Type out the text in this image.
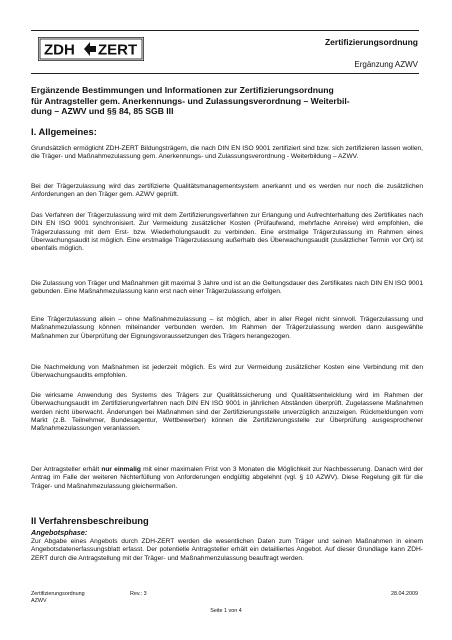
ZDH ZERT	Zertifizierungsordnung
Ergänzung AZWV
Ergänzende Bestimmungen und Informationen zur Zertifizierungsordnung
für Antragsteller gem. Anerkennungs- und Zulassungsverordnung – Weiterbil-
dung – AZWV und §§ 84, 85 SGB III
I. Allgemeines:

Grundsätzlich ermöglicht ZDH-ZERT Bildungsträgern, die nach DIN EN ISO 9001 zertifiziert sind bzw. sich zertifizieren lassen wollen, die Träger- und Maßnahmezulassung gem. Anerkennungs- und Zulassungsverordnung - Weiterbildung – AZWV.

Bei der Trägerzulassung wird das zertifizierte Qualitätsmanagementsystem anerkannt und es werden nur noch die zusätzlichen Anforderungen an den Träger gem. AZWV geprüft.

Das Verfahren der Trägerzulassung wird mit dem Zertifizierungsverfahren zur Erlangung und Aufrechterhaltung des Zertifikates nach DIN EN ISO 9001 synchronisiert. Zur Vermeidung zusätzlicher Kosten (Prüfaufwand, mehrfache Anreise) wird empfohlen, die Trägerzulassung mit dem Erst- bzw. Wiederholungsaudit zu verbinden. Eine erstmalige Trägerzulassung im Rahmen eines Überwachungsaudit ist möglich. Eine erstmalige Trägerzulassung außerhalb des Überwachungsaudit (zusätzlicher Termin vor Ort) ist ebenfalls möglich.

Die Zulassung von Träger und Maßnahmen gilt maximal 3 Jahre und ist an die Geltungsdauer des Zertifikates nach DIN EN ISO 9001 gebunden. Eine Maßnahmezulassung kann erst nach einer Trägerzulassung erfolgen.

Eine Trägerzulassung allein – ohne Maßnahmezulassung – ist möglich, aber in aller Regel nicht sinnvoll. Trägerzulassung und Maßnahmezulassung können miteinander verbunden werden. Im Rahmen der Trägerzulassung werden dann ausgewählte Maßnahmen zur Überprüfung der Eignungsvoraussetzungen des Trägers herangezogen.

Die Nachmeldung von Maßnahmen ist jederzeit möglich. Es wird zur Vermeidung zusätzlicher Kosten eine Verbindung mit den Überwachungsaudits empfohlen.

Die wirksame Anwendung des Systems des Trägers zur Qualitätssicherung und Qualitätsentwicklung wird im Rahmen der Überwachungsaudit im Zertifizierungverfahren nach DIN EN ISO 9001 in jährlichen Abständen überprüft. Zugelassene Maßnahmen werden nicht überwacht. Änderungen bei Maßnahmen sind der Zertifizierungsstelle unverzüglich anzuzeigen. Rückmeldungen vom Markt (z.B. Teilnehmer, Bundesagentur, Wettbewerber) können die Zertifizierungsstelle zur Überprüfung ausgesprochener Maßnahmezulassungen veranlassen.

Der Antragsteller erhält nur einmalig mit einer maximalen Frist von 3 Monaten die Möglichkeit zur Nachbesserung. Danach wird der Antrag im Falle der weiteren Nichterfüllung von Anforderungen endgültig abgelehnt (vgl. § 10 AZWV). Diese Regelung gilt für die Träger- und Maßnahmezulassung gleichermaßen.

II Verfahrensbeschreibung
Angebotsphase:

Zur Abgabe eines Angebots durch ZDH-ZERT werden die wesentlichen Daten zum Träger und seinen Maßnahmen in einem Angebotsdatenerfassungsblatt erfasst. Der potentielle Antragsteller erhält ein detailliertes Angebot. Auf dieser Grundlage kann ZDH-ZERT durch die Antragstellung mit der Träger- und Maßnahmenzulassung beauftragt werden.

Zertifizierungsordnung
AZWV
Rev.: 3	28.04.2009
Seite 1 von 4
